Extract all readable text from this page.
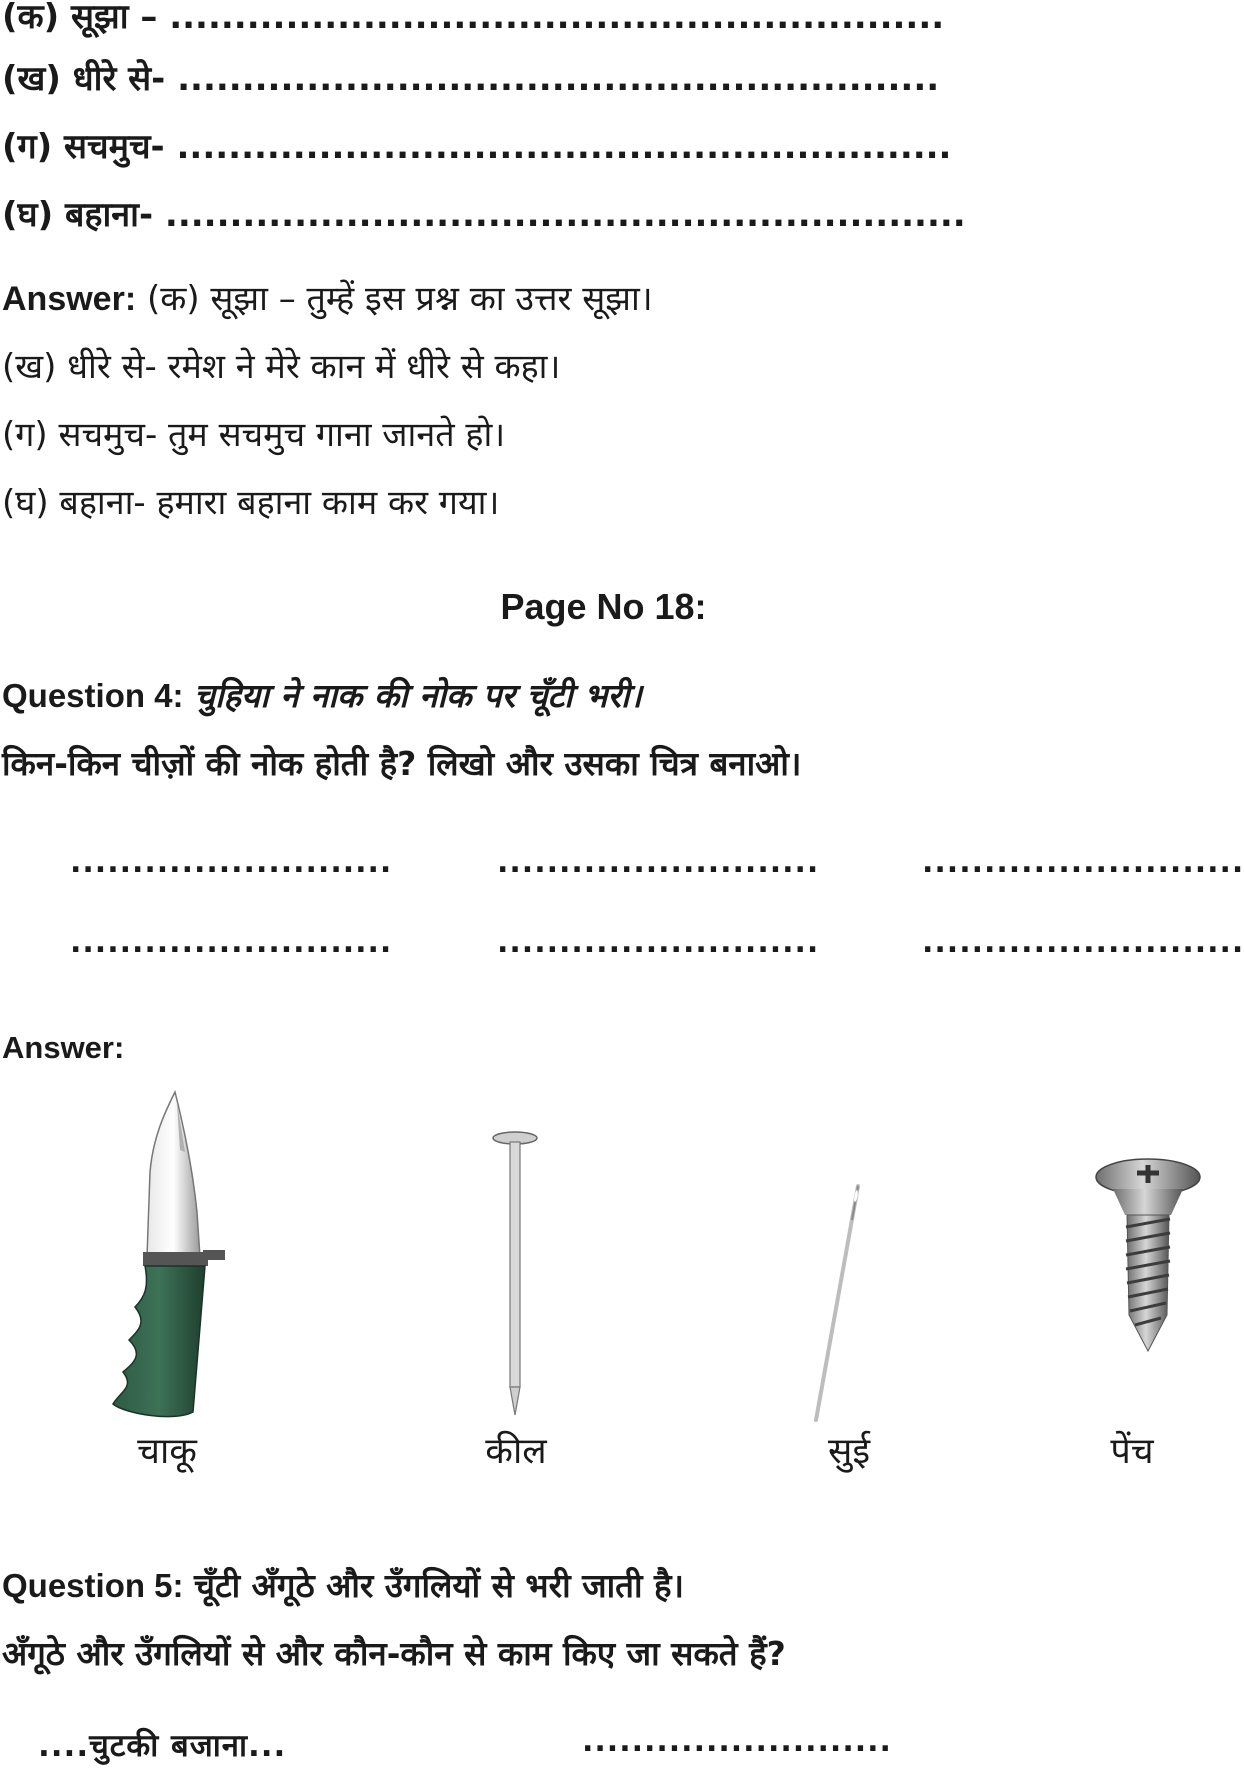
(क) सूझा – ............................................................
(ख) धीरे से- ...........................................................
(ग) सचमुच- ............................................................
(घ) बहाना- ..............................................................
Answer: (क) सूझा – तुम्हें इस प्रश्न का उत्तर सूझा।
(ख) धीरे से- रमेश ने मेरे कान में धीरे से कहा।
(ग) सचमुच- तुम सचमुच गाना जानते हो।
(घ) बहाना- हमारा बहाना काम कर गया।
Page No 18:
Question 4: चुहिया ने नाक की नोक पर चूँटी भरी।
किन-किन चीज़ों की नोक होती है? लिखो और उसका चित्र बनाओ।
..........................	..........................	..........................
..........................	..........................	..........................
Answer:
चाकू	कील	सुई	पेंच
Question 5: चूँटी अँगूठे और उँगलियों से भरी जाती है।
अँगूठे और उँगलियों से और कौन-कौन से काम किए जा सकते हैं?
....चुटकी बजाना...	.........................
